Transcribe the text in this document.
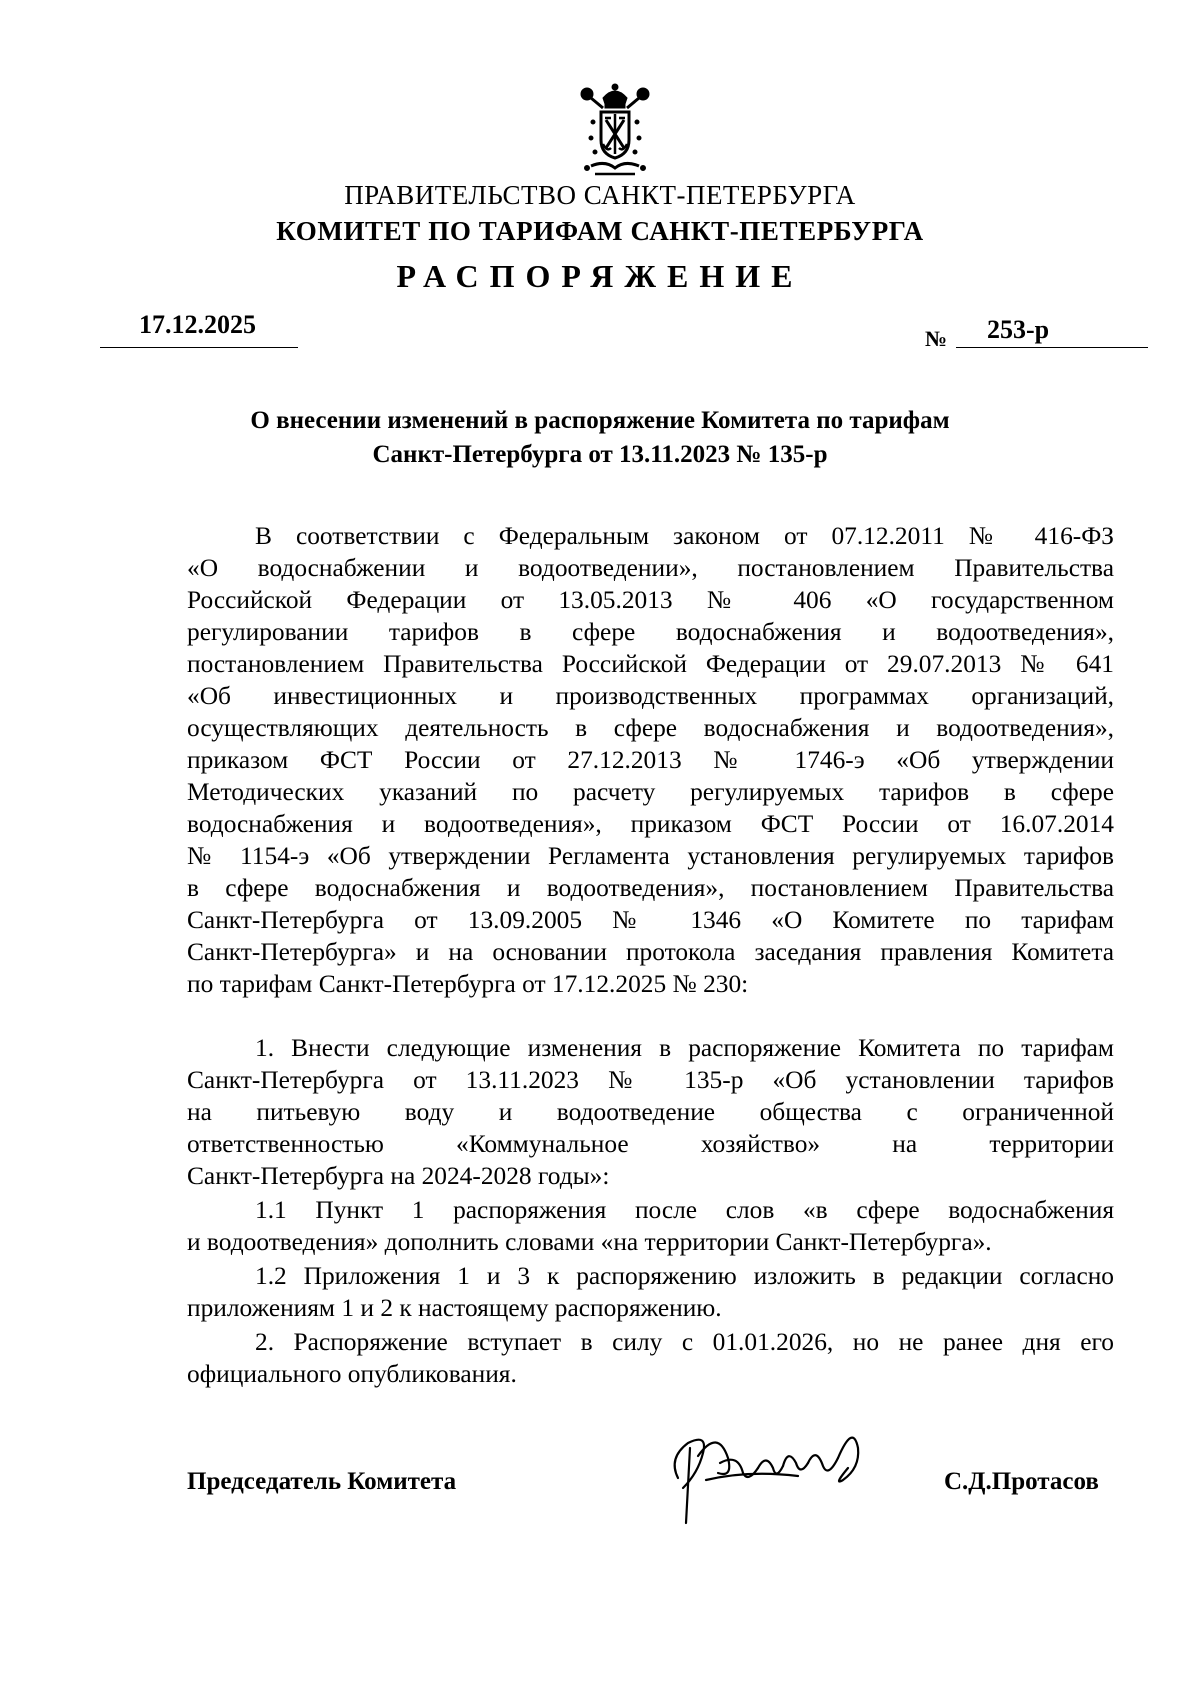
ПРАВИТЕЛЬСТВО САНКТ-ПЕТЕРБУРГА
КОМИТЕТ ПО ТАРИФАМ САНКТ-ПЕТЕРБУРГА
РАСПОРЯЖЕНИЕ
17.12.2025	№	253-р
О внесении изменений в распоряжение Комитета по тарифам
Санкт-Петербурга от 13.11.2023 № 135-р
В соответствии с Федеральным законом от 07.12.2011 № 416-ФЗ
«О водоснабжении и водоотведении», постановлением Правительства
Российской Федерации от 13.05.2013 № 406 «О государственном
регулировании тарифов в сфере водоснабжения и водоотведения»,
постановлением Правительства Российской Федерации от 29.07.2013 № 641
«Об инвестиционных и производственных программах организаций,
осуществляющих деятельность в сфере водоснабжения и водоотведения»,
приказом ФСТ России от 27.12.2013 № 1746-э «Об утверждении
Методических указаний по расчету регулируемых тарифов в сфере
водоснабжения и водоотведения», приказом ФСТ России от 16.07.2014
№ 1154-э «Об утверждении Регламента установления регулируемых тарифов
в сфере водоснабжения и водоотведения», постановлением Правительства
Санкт-Петербурга от 13.09.2005 № 1346 «О Комитете по тарифам
Санкт-Петербурга» и на основании протокола заседания правления Комитета
по тарифам Санкт-Петербурга от 17.12.2025 № 230:
1. Внести следующие изменения в распоряжение Комитета по тарифам
Санкт-Петербурга от 13.11.2023 № 135-р «Об установлении тарифов
на питьевую воду и водоотведение общества с ограниченной
ответственностью «Коммунальное хозяйство» на территории
Санкт-Петербурга на 2024-2028 годы»:
1.1 Пункт 1 распоряжения после слов «в сфере водоснабжения
и водоотведения» дополнить словами «на территории Санкт-Петербурга».
1.2 Приложения 1 и 3 к распоряжению изложить в редакции согласно
приложениям 1 и 2 к настоящему распоряжению.
2. Распоряжение вступает в силу с 01.01.2026, но не ранее дня его
официального опубликования.
Председатель Комитета	С.Д.Протасов
